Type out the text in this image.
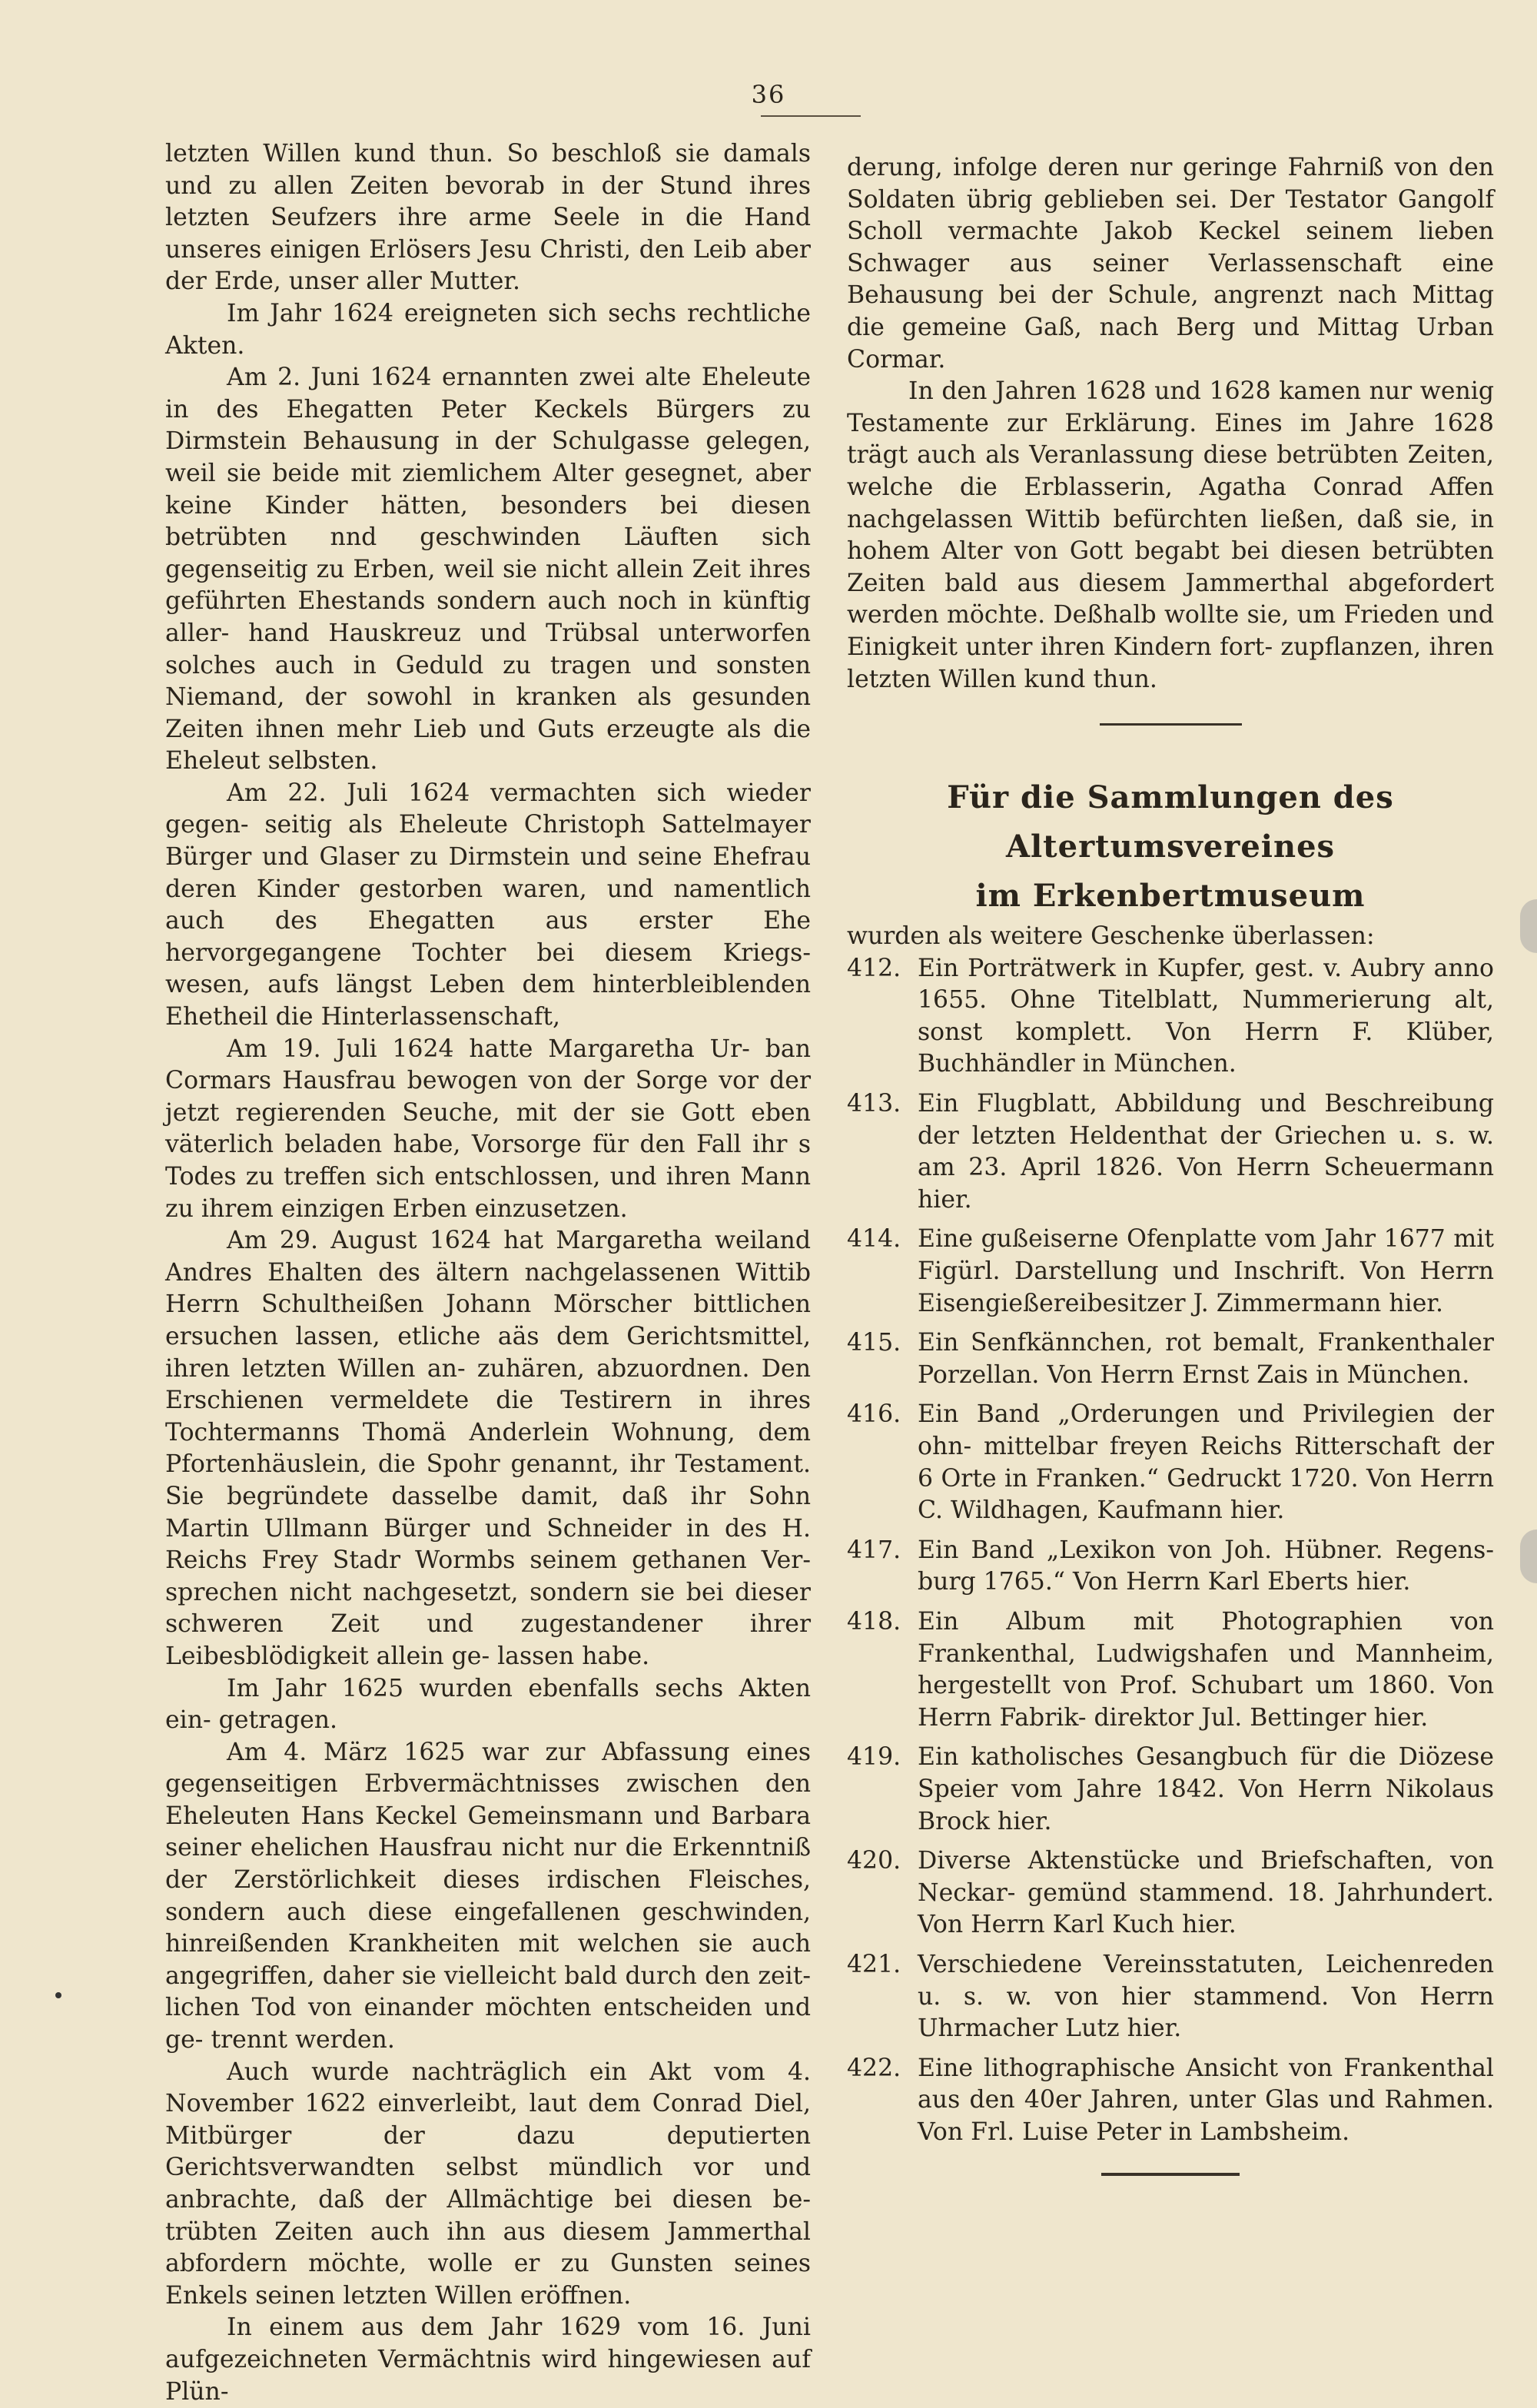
36

letzten Willen kund thun. So beschloß sie damals und zu allen Zeiten bevorab in der Stund ihres letzten Seufzers ihre arme Seele in die Hand unseres einigen Erlösers Jesu Christi, den Leib aber der Erde, unser aller Mutter.

Im Jahr 1624 ereigneten sich sechs rechtliche Akten.

Am 2. Juni 1624 ernannten zwei alte Eheleute in des Ehegatten Peter Keckels Bürgers zu Dirmstein Behausung in der Schulgasse gelegen, weil sie beide mit ziemlichem Alter gesegnet, aber keine Kinder hätten, besonders bei diesen betrübten nnd geschwinden Läuften sich gegenseitig zu Erben, weil sie nicht allein Zeit ihres geführten Ehestands sondern auch noch in künftig aller- hand Hauskreuz und Trübsal unterworfen solches auch in Geduld zu tragen und sonsten Niemand, der sowohl in kranken als gesunden Zeiten ihnen mehr Lieb und Guts erzeugte als die Eheleut selbsten.

Am 22. Juli 1624 vermachten sich wieder gegen- seitig als Eheleute Christoph Sattelmayer Bürger und Glaser zu Dirmstein und seine Ehefrau deren Kinder gestorben waren, und namentlich auch des Ehegatten aus erster Ehe hervorgegangene Tochter bei diesem Kriegs- wesen, aufs längst Leben dem hinterbleiblenden Ehetheil die Hinterlassenschaft,

Am 19. Juli 1624 hatte Margaretha Ur- ban Cormars Hausfrau bewogen von der Sorge vor der jetzt regierenden Seuche, mit der sie Gott eben väterlich beladen habe, Vorsorge für den Fall ihr s Todes zu treffen sich entschlossen, und ihren Mann zu ihrem einzigen Erben einzusetzen.

Am 29. August 1624 hat Margaretha weiland Andres Ehalten des ältern nachgelassenen Wittib Herrn Schultheißen Johann Mörscher bittlichen ersuchen lassen, etliche aäs dem Gerichtsmittel, ihren letzten Willen an- zuhären, abzuordnen. Den Erschienen vermeldete die Testirern in ihres Tochtermanns Thomä Anderlein Wohnung, dem Pfortenhäuslein, die Spohr genannt, ihr Testament. Sie begründete dasselbe damit, daß ihr Sohn Martin Ullmann Bürger und Schneider in des H. Reichs Frey Stadr Wormbs seinem gethanen Ver- sprechen nicht nachgesetzt, sondern sie bei dieser schweren Zeit und zugestandener ihrer Leibesblödigkeit allein ge- lassen habe.

Im Jahr 1625 wurden ebenfalls sechs Akten ein- getragen.

Am 4. März 1625 war zur Abfassung eines gegenseitigen Erbvermächtnisses zwischen den Eheleuten Hans Keckel Gemeinsmann und Barbara seiner ehelichen Hausfrau nicht nur die Erkenntniß der Zerstörlichkeit dieses irdischen Fleisches, sondern auch diese eingefallenen geschwinden, hinreißenden Krankheiten mit welchen sie auch angegriffen, daher sie vielleicht bald durch den zeit- lichen Tod von einander möchten entscheiden und ge- trennt werden.

Auch wurde nachträglich ein Akt vom 4. November 1622 einverleibt, laut dem Conrad Diel, Mitbürger der dazu deputierten Gerichtsverwandten selbst mündlich vor und anbrachte, daß der Allmächtige bei diesen be- trübten Zeiten auch ihn aus diesem Jammerthal abfordern möchte, wolle er zu Gunsten seines Enkels seinen letzten Willen eröffnen.

In einem aus dem Jahr 1629 vom 16. Juni aufgezeichneten Vermächtnis wird hingewiesen auf Plün-

derung, infolge deren nur geringe Fahrniß von den Soldaten übrig geblieben sei. Der Testator Gangolf Scholl vermachte Jakob Keckel seinem lieben Schwager aus seiner Verlassenschaft eine Behausung bei der Schule, angrenzt nach Mittag die gemeine Gaß, nach Berg und Mittag Urban Cormar.

In den Jahren 1628 und 1628 kamen nur wenig Testamente zur Erklärung. Eines im Jahre 1628 trägt auch als Veranlassung diese betrübten Zeiten, welche die Erblasserin, Agatha Conrad Affen nachgelassen Wittib befürchten ließen, daß sie, in hohem Alter von Gott begabt bei diesen betrübten Zeiten bald aus diesem Jammerthal abgefordert werden möchte. Deßhalb wollte sie, um Frieden und Einigkeit unter ihren Kindern fort- zupflanzen, ihren letzten Willen kund thun.

Für die Sammlungen des Altertumsvereines

im Erkenbertmuseum

wurden als weitere Geschenke überlassen:

412. Ein Porträtwerk in Kupfer, gest. v. Aubry anno 1655. Ohne Titelblatt, Nummerierung alt, sonst komplett. Von Herrn F. Klüber, Buchhändler in München.
413. Ein Flugblatt, Abbildung und Beschreibung der letzten Heldenthat der Griechen u. s. w. am 23. April 1826. Von Herrn Scheuermann hier.
414. Eine gußeiserne Ofenplatte vom Jahr 1677 mit Figürl. Darstellung und Inschrift. Von Herrn Eisengießereibesitzer J. Zimmermann hier.
415. Ein Senfkännchen, rot bemalt, Frankenthaler Porzellan. Von Herrn Ernst Zais in München.
416. Ein Band „Orderungen und Privilegien der ohn- mittelbar freyen Reichs Ritterschaft der 6 Orte in Franken.“ Gedruckt 1720. Von Herrn C. Wildhagen, Kaufmann hier.
417. Ein Band „Lexikon von Joh. Hübner. Regens- burg 1765.“ Von Herrn Karl Eberts hier.
418. Ein Album mit Photographien von Frankenthal, Ludwigshafen und Mannheim, hergestellt von Prof. Schubart um 1860. Von Herrn Fabrik- direktor Jul. Bettinger hier.
419. Ein katholisches Gesangbuch für die Diözese Speier vom Jahre 1842. Von Herrn Nikolaus Brock hier.
420. Diverse Aktenstücke und Briefschaften, von Neckar- gemünd stammend. 18. Jahrhundert. Von Herrn Karl Kuch hier.
421. Verschiedene Vereinsstatuten, Leichenreden u. s. w. von hier stammend. Von Herrn Uhrmacher Lutz hier.
422. Eine lithographische Ansicht von Frankenthal aus den 40er Jahren, unter Glas und Rahmen. Von Frl. Luise Peter in Lambsheim.
